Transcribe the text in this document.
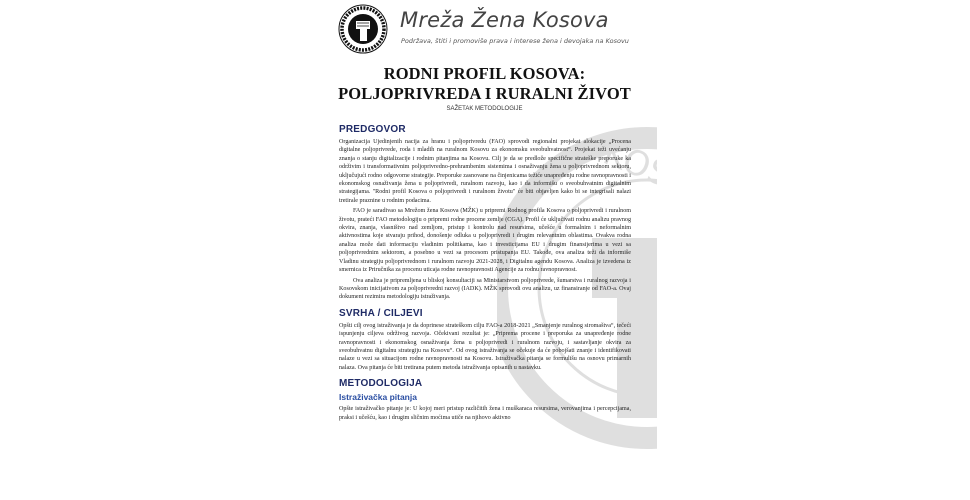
KOSOVO
Mreža Žena Kosova
Podržava, štiti i promoviše prava i interese žena i devojaka na Kosovu
RODNI PROFIL KOSOVA:
POLJOPRIVREDA I RURALNI ŽIVOT
SAŽETAK METODOLOGIJE
PREDGOVOR

Organizacija Ujedinjenih nacija za hranu i poljoprivredu (FAO) sprovodi regionalni projekat alokacije „Procena digitalne poljoprivrede, roda i mladih na ruralnom Kosovu za ekonomsku sveobuhvatnost“. Projekat teži uvećanju znanja o stanju digitalizacije i rodnim pitanjima na Kosovu. Cilj je da se predlože specifične strateške preporuke ka održivim i transformativnim poljoprivredno-prehrambenim sistemima i osnaživanju žena u poljoprivrednom sektoru, uključujući rodno odgovorne strategije. Preporuke zasnovane na činjenicama težiće unapređenju rodne ravnopravnosti i ekonomskog osnaživanja žena u poljoprivredi, ruralnom razvoju, kao i da informišu o sveobuhvatnim digitalnim strategijama. "Rodni profil Kosova o poljoprivredi i ruralnom životu" će biti objavljen kako bi se integrisali nalazi tretirale praznine u rodnim podacima.

FAO je saradivao sa Mrežom žena Kosova (MŽK) u pripremi Rodnog profila Kosova o poljoprivredi i ruralnom životu, prateći FAO metodologiju o pripremi rodne procene zemlje (CGA). Profil će uključivati rodnu analizu pravnog okvira, znanja, vlasništvo nad zemljom, pristup i kontrolu nad resursima, učešće u formalnim i neformalnim aktivnostima koje stvaraju prihod, donošenje odluka u poljoprivredi i drugim relevantnim oblastima. Ovakva rodna analiza može dati informaciju vladinim politikama, kao i investicijama EU i drugim finansijerima u vezi sa poljoprivrednim sektorom, a posebno u vezi sa procesom pristupanja EU. Takođe, ova analiza teži da informiše Vladinu strategiju poljoprivrednom i ruralnom razvoju 2021-2028, i Digitalnu agendu Kosova. Analiza je izvedena iz smernica iz Priručnika za procenu uticaja rodne ravnopravnosti Agencije za rodnu ravnopravnost.

Ova analiza je pripremljena u bliskoj konsultaciji sa Ministarstvom poljoprivrede, šumarstva i ruralnog razvoja i Kosovskom inicijativom za poljoprivredni razvoj (IADK). MŽK sprovodi ovu analizu, uz finansiranje od FAO-a. Ovaj dokument rezimira metodologiju istraživanja.

SVRHA / CILJEVI

Opšti cilj ovog istraživanja je da doprinese strateškom cilju FAO-a 2018-2021 „Smanjenje ruralnog siromaštva“, tečeći ispunjenju ciljeva održivog razvoja. Očekivani rezultat je: „Priprema procene i preporuka za unapređenje rodne ravnopravnosti i ekonomskog osnaživanja žena u poljoprivredi i ruralnom razvoju, i sastavljanje okvira za sveobuhvatnu digitalnu strategiju na Kosovu“. Od ovog istraživanja se očekuje da će pobojšati znanje i identifikovati nalaze u vezi sa situacijom rodne ravnopravnosti na Kosovu. Istraživačka pitanja se formulišu na osnovu primarnih nalaza. Ova pitanja će biti tretirana putem metoda istraživanja opisanih u nastavku.

METODOLOGIJA
Istraživačka pitanja

Opšte istraživačko pitanje je: U kojoj meri pristup različitih žena i muškaraca resursima, verovanjima i percepcijama, praksi i učešću, kao i drugim sličnim moćima utiče na njihovo aktivno
